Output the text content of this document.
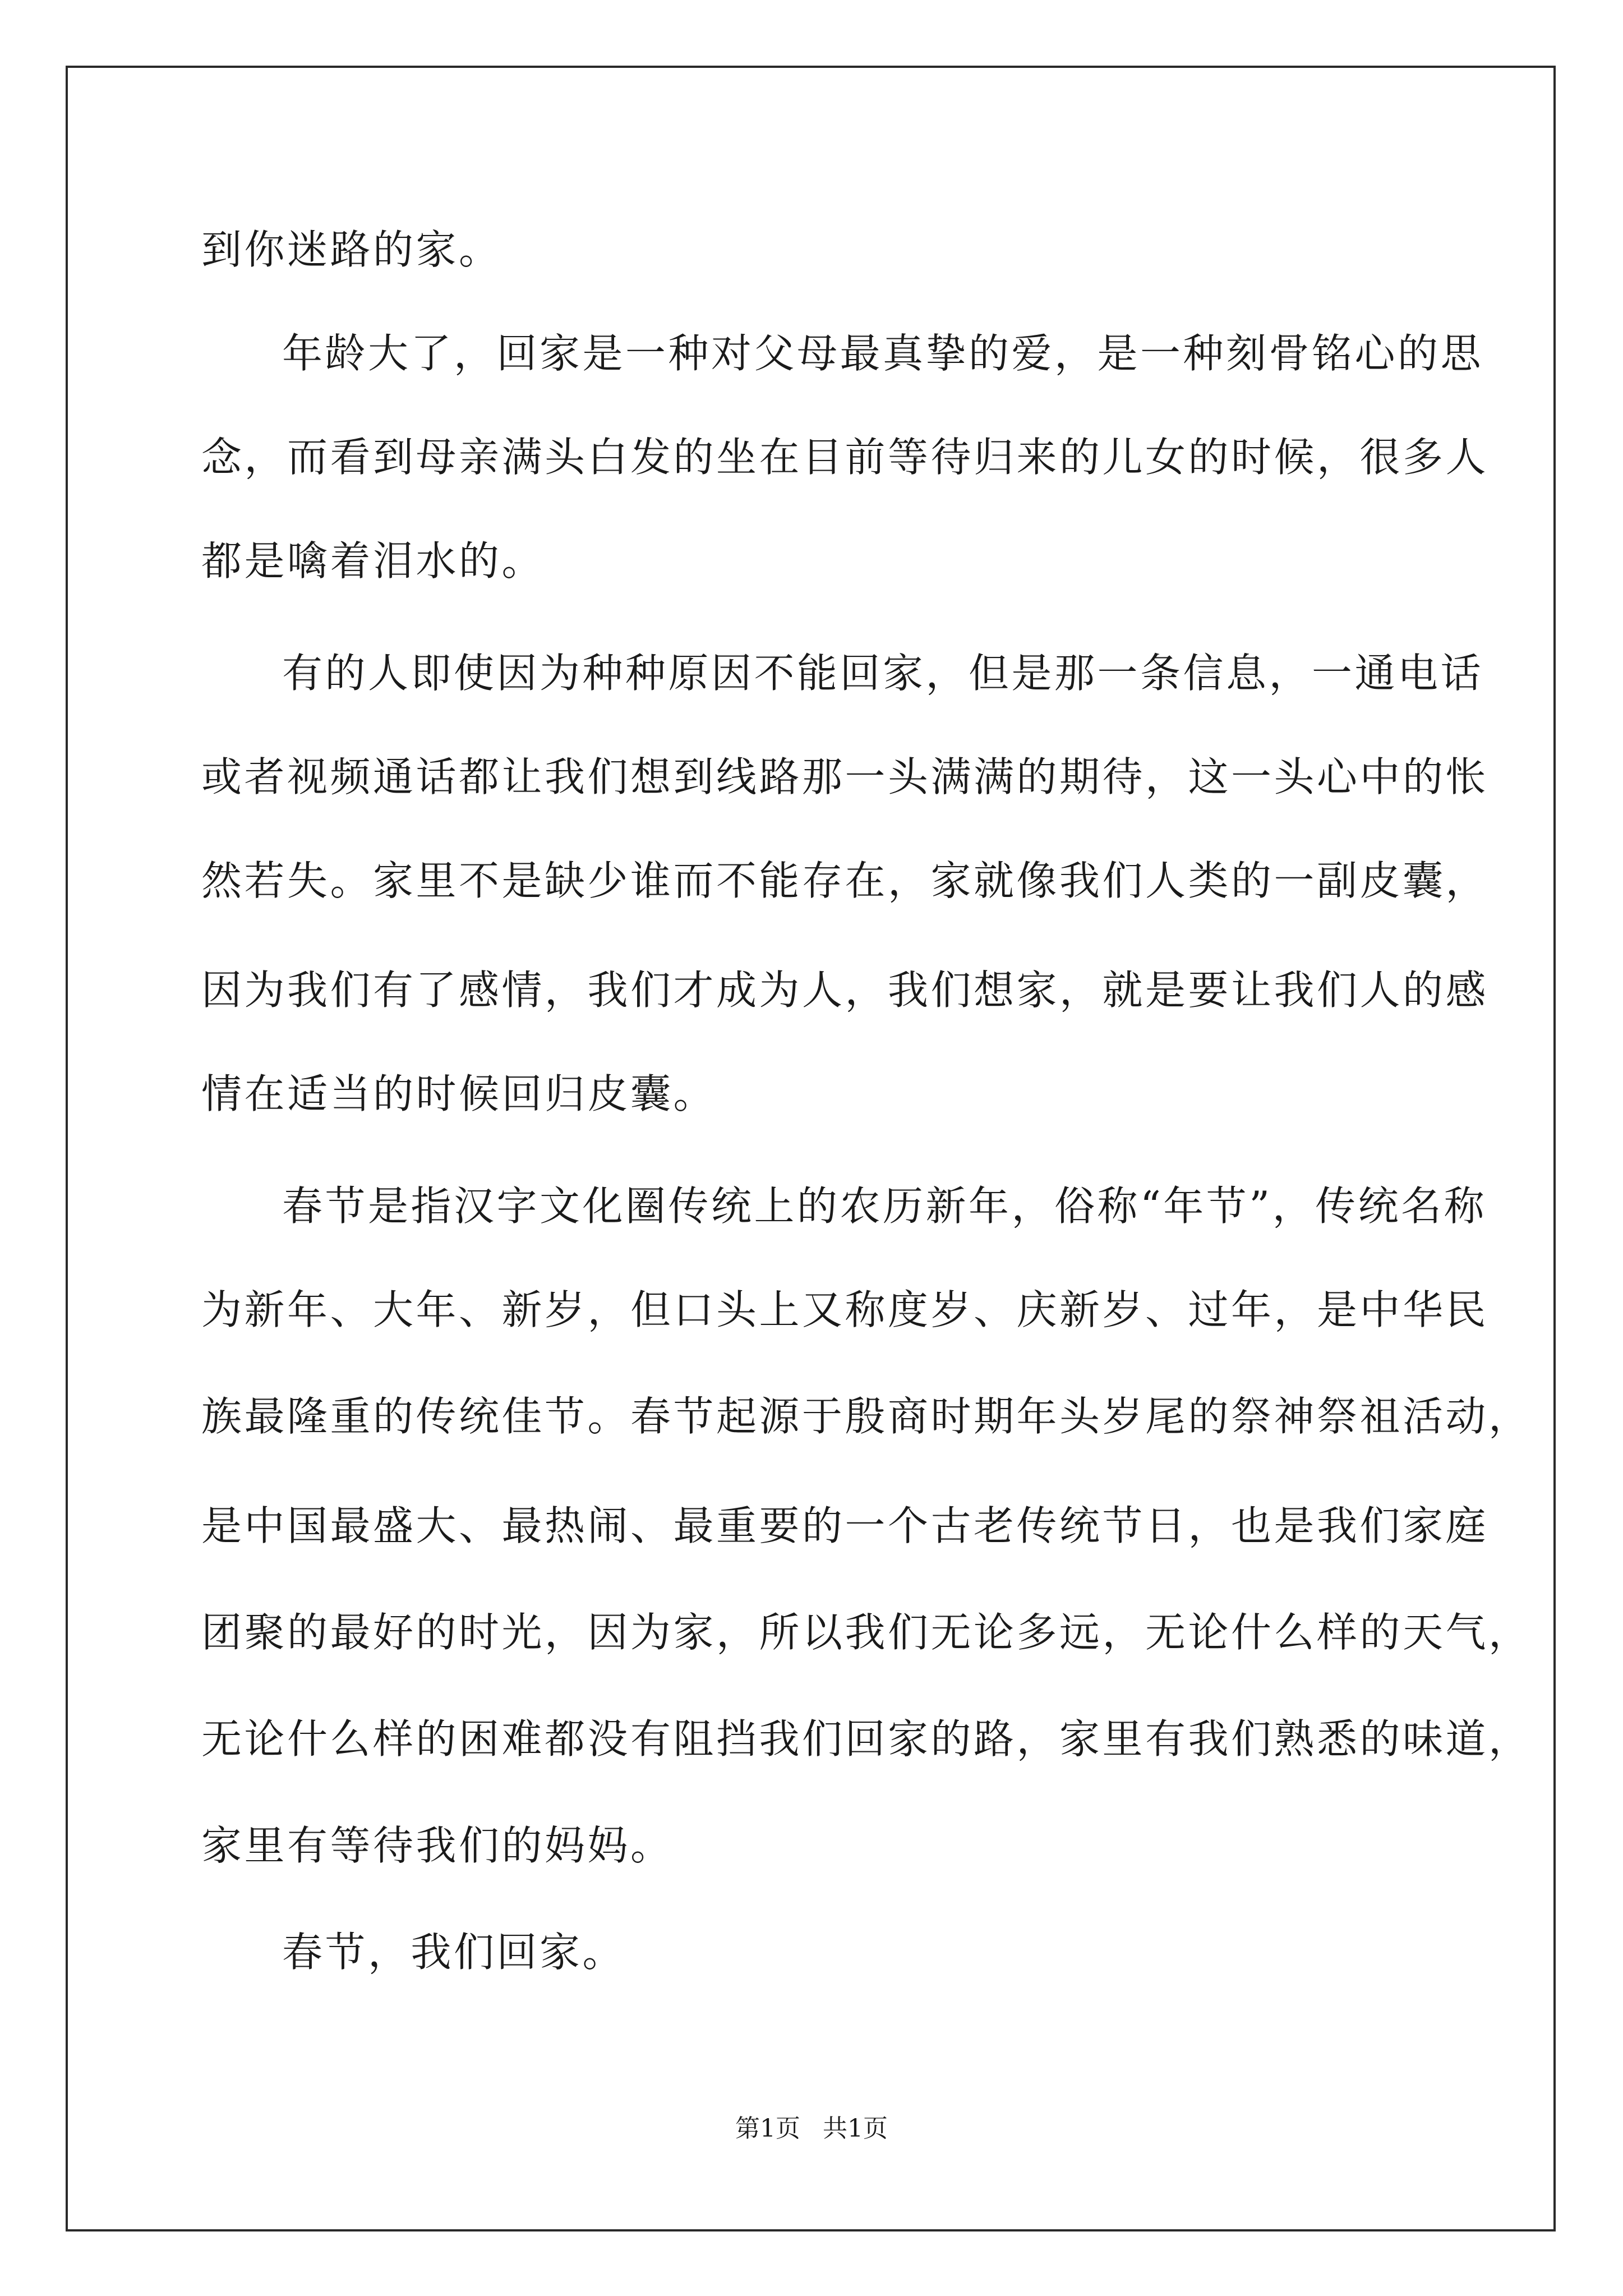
到你迷路的家。
年龄大了，回家是一种对父母最真挚的爱，是一种刻骨铭心的思
念，而看到母亲满头白发的坐在目前等待归来的儿女的时候，很多人
都是噙着泪水的。
有的人即使因为种种原因不能回家，但是那一条信息，一通电话
或者视频通话都让我们想到线路那一头满满的期待，这一头心中的怅
然若失。家里不是缺少谁而不能存在，家就像我们人类的一副皮囊，
因为我们有了感情，我们才成为人，我们想家，就是要让我们人的感
情在适当的时候回归皮囊。
春节是指汉字文化圈传统上的农历新年，俗称“年节”，传统名称
为新年、大年、新岁，但口头上又称度岁、庆新岁、过年，是中华民
族最隆重的传统佳节。春节起源于殷商时期年头岁尾的祭神祭祖活动，
是中国最盛大、最热闹、最重要的一个古老传统节日，也是我们家庭
团聚的最好的时光，因为家，所以我们无论多远，无论什么样的天气，
无论什么样的困难都没有阻挡我们回家的路，家里有我们熟悉的味道，
家里有等待我们的妈妈。
春节，我们回家。
第1页 共1页
